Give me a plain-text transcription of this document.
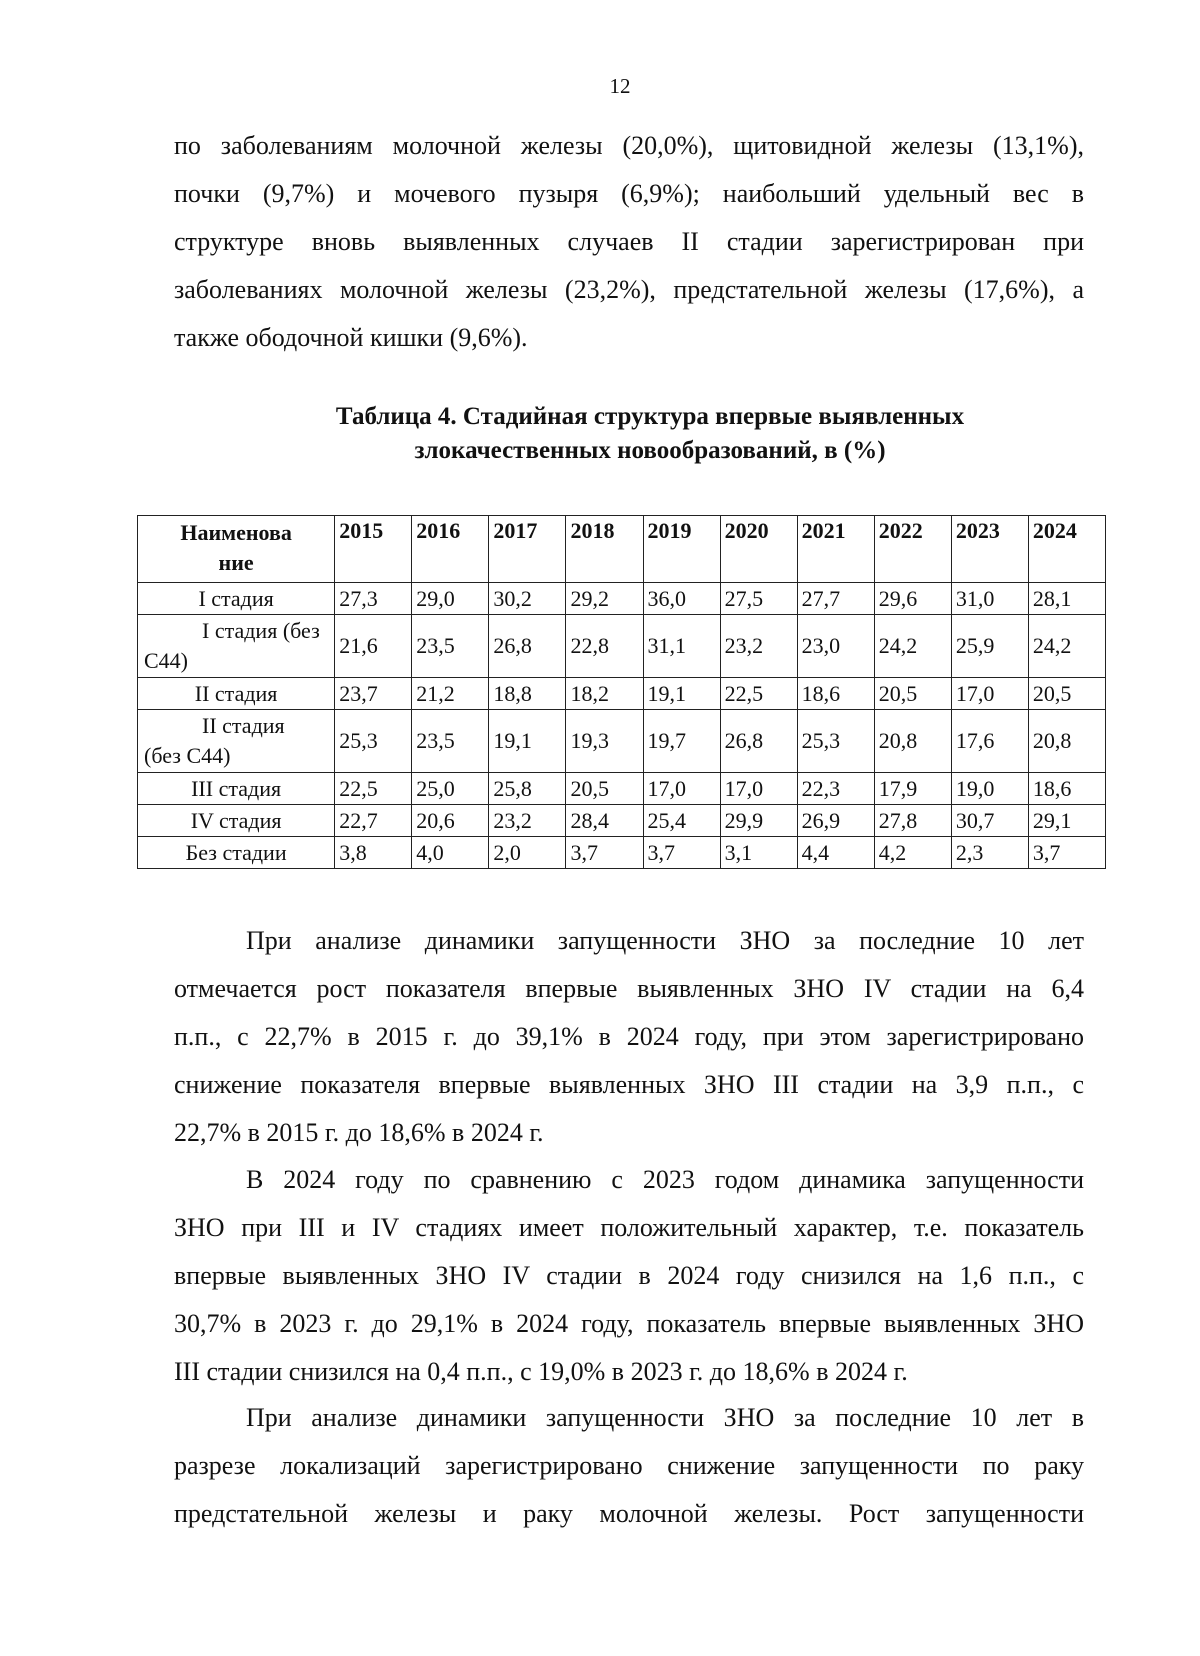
12
по заболеваниям молочной железы (20,0%), щитовидной железы (13,1%),
почки (9,7%) и мочевого пузыря (6,9%); наибольший удельный вес в
структуре вновь выявленных случаев II стадии зарегистрирован при
заболеваниях молочной железы (23,2%), предстательной железы (17,6%), а
также ободочной кишки (9,6%).
Таблица 4. Стадийная структура впервые выявленных
злокачественных новообразований, в (%)
Наименова
ние	2015	2016	2017	2018	2019	2020	2021	2022	2023	2024
I стадия	27,3	29,0	30,2	29,2	36,0	27,5	27,7	29,6	31,0	28,1

I стадия (без
С44)	21,6	23,5	26,8	22,8	31,1	23,2	23,0	24,2	25,9	24,2
II стадия	23,7	21,2	18,8	18,2	19,1	22,5	18,6	20,5	17,0	20,5

II стадия
(без С44)	25,3	23,5	19,1	19,3	19,7	26,8	25,3	20,8	17,6	20,8
III стадия	22,5	25,0	25,8	20,5	17,0	17,0	22,3	17,9	19,0	18,6
IV стадия	22,7	20,6	23,2	28,4	25,4	29,9	26,9	27,8	30,7	29,1
Без стадии	3,8	4,0	2,0	3,7	3,7	3,1	4,4	4,2	2,3	3,7
При анализе динамики запущенности ЗНО за последние 10 лет
отмечается рост показателя впервые выявленных ЗНО IV стадии на 6,4
п.п., с 22,7% в 2015 г. до 39,1% в 2024 году, при этом зарегистрировано
снижение показателя впервые выявленных ЗНО III стадии на 3,9 п.п., с
22,7% в 2015 г. до 18,6% в 2024 г.
В 2024 году по сравнению с 2023 годом динамика запущенности
ЗНО при III и IV стадиях имеет положительный характер, т.е. показатель
впервые выявленных ЗНО IV стадии в 2024 году снизился на 1,6 п.п., с
30,7% в 2023 г. до 29,1% в 2024 году, показатель впервые выявленных ЗНО
III стадии снизился на 0,4 п.п., с 19,0% в 2023 г. до 18,6% в 2024 г.
При анализе динамики запущенности ЗНО за последние 10 лет в
разрезе локализаций зарегистрировано снижение запущенности по раку
предстательной железы и раку молочной железы. Рост запущенности
